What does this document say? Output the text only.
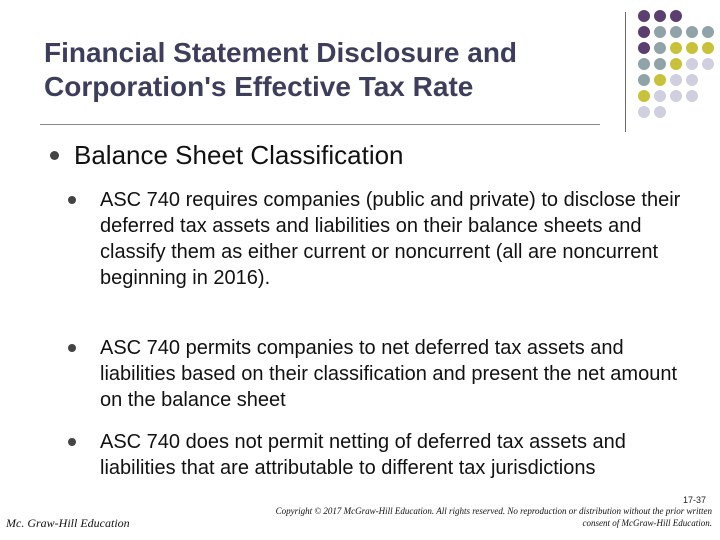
Financial Statement Disclosure and
Corporation's Effective Tax Rate
Balance Sheet Classification
ASC 740 requires companies (public and private) to disclose their deferred tax assets and liabilities on their balance sheets and classify them as either current or noncurrent (all are noncurrent beginning in 2016).
ASC 740 permits companies to net deferred tax assets and liabilities based on their classification and present the net amount on the balance sheet
ASC 740 does not permit netting of deferred tax assets and liabilities that are attributable to different tax jurisdictions
17-37
Copyright © 2017 McGraw-Hill Education. All rights reserved. No reproduction or distribution without the prior written
consent of McGraw-Hill Education.
Mc. Graw-Hill Education
